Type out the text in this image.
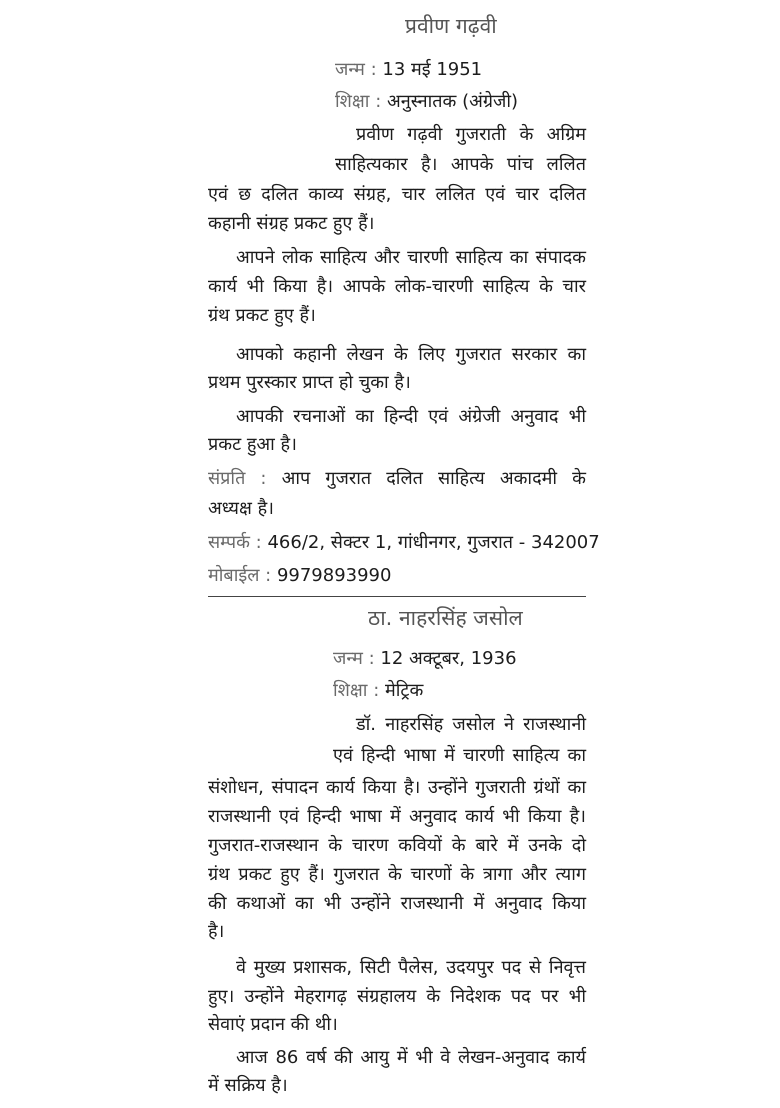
प्रवीण गढ़वी
जन्म : 13 मई 1951
शिक्षा : अनुस्नातक (अंग्रेजी)
प्रवीण गढ़वी गुजराती के अग्रिम
साहित्यकार है। आपके पांच ललित
एवं छ दलित काव्य संग्रह, चार ललित एवं चार दलित
कहानी संग्रह प्रकट हुए हैं।
आपने लोक साहित्य और चारणी साहित्य का संपादक
कार्य भी किया है। आपके लोक-चारणी साहित्य के चार
ग्रंथ प्रकट हुए हैं।
आपको कहानी लेखन के लिए गुजरात सरकार का
प्रथम पुरस्कार प्राप्त हो चुका है।
आपकी रचनाओं का हिन्दी एवं अंग्रेजी अनुवाद भी
प्रकट हुआ है।
संप्रति : आप गुजरात दलित साहित्य अकादमी के
अध्यक्ष है।
सम्पर्क : 466/2, सेक्टर 1, गांधीनगर, गुजरात - 342007
मोबाईल : 9979893990
ठा. नाहरसिंह जसोल
जन्म : 12 अक्टूबर, 1936
शिक्षा : मेट्रिक
डॉ. नाहरसिंह जसोल ने राजस्थानी
एवं हिन्दी भाषा में चारणी साहित्य का
संशोधन, संपादन कार्य किया है। उन्होंने गुजराती ग्रंथों का
राजस्थानी एवं हिन्दी भाषा में अनुवाद कार्य भी किया है।
गुजरात-राजस्थान के चारण कवियों के बारे में उनके दो
ग्रंथ प्रकट हुए हैं। गुजरात के चारणों के त्रागा और त्याग
की कथाओं का भी उन्होंने राजस्थानी में अनुवाद किया
है।
वे मुख्य प्रशासक, सिटी पैलेस, उदयपुर पद से निवृत्त
हुए। उन्होंने मेहरागढ़ संग्रहालय के निदेशक पद पर भी
सेवाएं प्रदान की थी।
आज 86 वर्ष की आयु में भी वे लेखन-अनुवाद कार्य
में सक्रिय है।
